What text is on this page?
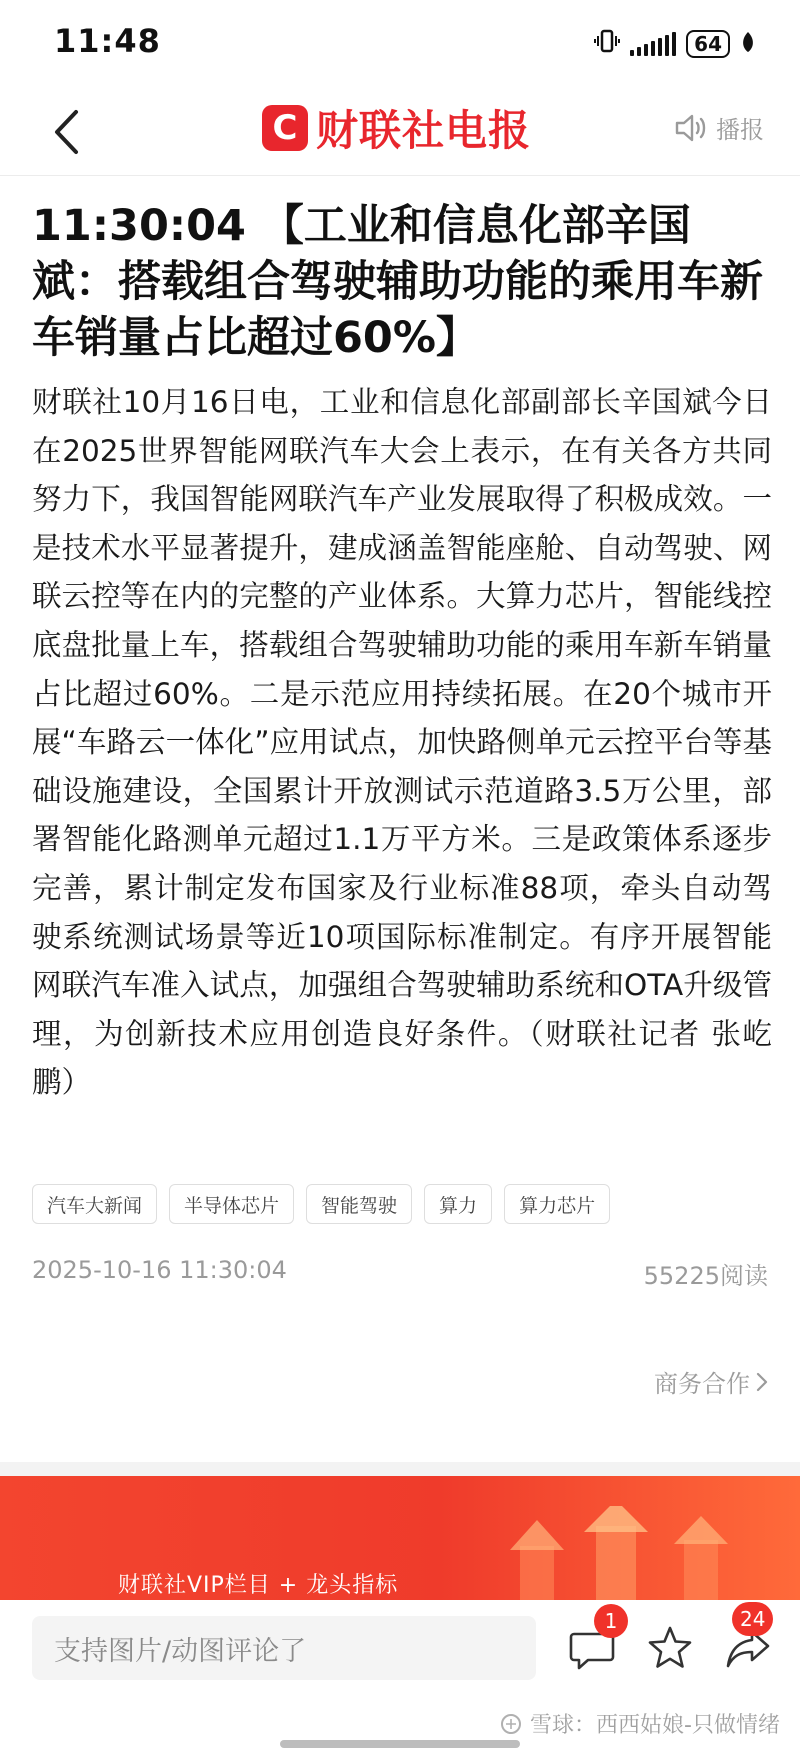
11:48	64
C 财联社电报	播报
11:30:04 【工业和信息化部辛国斌：搭载组合驾驶辅助功能的乘用车新车销量占比超过60%】
财联社10月16日电，工业和信息化部副部长辛国斌今日在2025世界智能网联汽车大会上表示，在有关各方共同努力下，我国智能网联汽车产业发展取得了积极成效。一是技术水平显著提升，建成涵盖智能座舱、自动驾驶、网联云控等在内的完整的产业体系。大算力芯片，智能线控底盘批量上车，搭载组合驾驶辅助功能的乘用车新车销量占比超过60%。二是示范应用持续拓展。在20个城市开展“车路云一体化”应用试点，加快路侧单元云控平台等基础设施建设，全国累计开放测试示范道路3.5万公里，部署智能化路测单元超过1.1万平方米。三是政策体系逐步完善，累计制定发布国家及行业标准88项，牵头自动驾驶系统测试场景等近10项国际标准制定。有序开展智能网联汽车准入试点，加强组合驾驶辅助系统和OTA升级管理，为创新技术应用创造良好条件。（财联社记者 张屹鹏）
汽车大新闻	半导体芯片	智能驾驶	算力	算力芯片
2025-10-16 11:30:04	55225阅读
商务合作
财联社VIP栏目 + 龙头指标
支持图片/动图评论了
1	24
雪球：西西姑娘-只做情绪
